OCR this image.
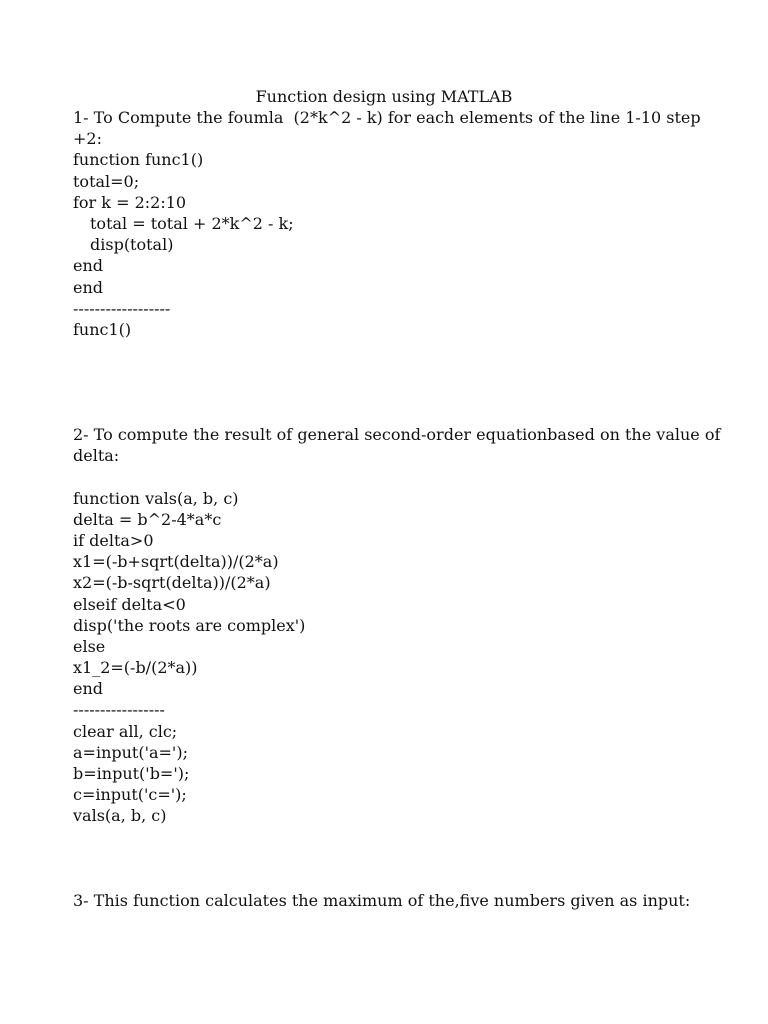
Function design using MATLAB
1- To Compute the foumla  (2*k^2 - k) for each elements of the line 1-10 step
+2:
function func1()
total=0;
for k = 2:2:10
total = total + 2*k^2 - k;
disp(total)
end
end
------------------
func1()
2- To compute the result of general second-order equationbased on the value of
delta:
function vals(a, b, c)
delta = b^2-4*a*c
if delta>0
x1=(-b+sqrt(delta))/(2*a)
x2=(-b-sqrt(delta))/(2*a)
elseif delta<0
disp('the roots are complex')
else
x1_2=(-b/(2*a))
end
-----------------
clear all, clc;
a=input('a=');
b=input('b=');
c=input('c=');
vals(a, b, c)
3- This function calculates the maximum of the,five numbers given as input:
